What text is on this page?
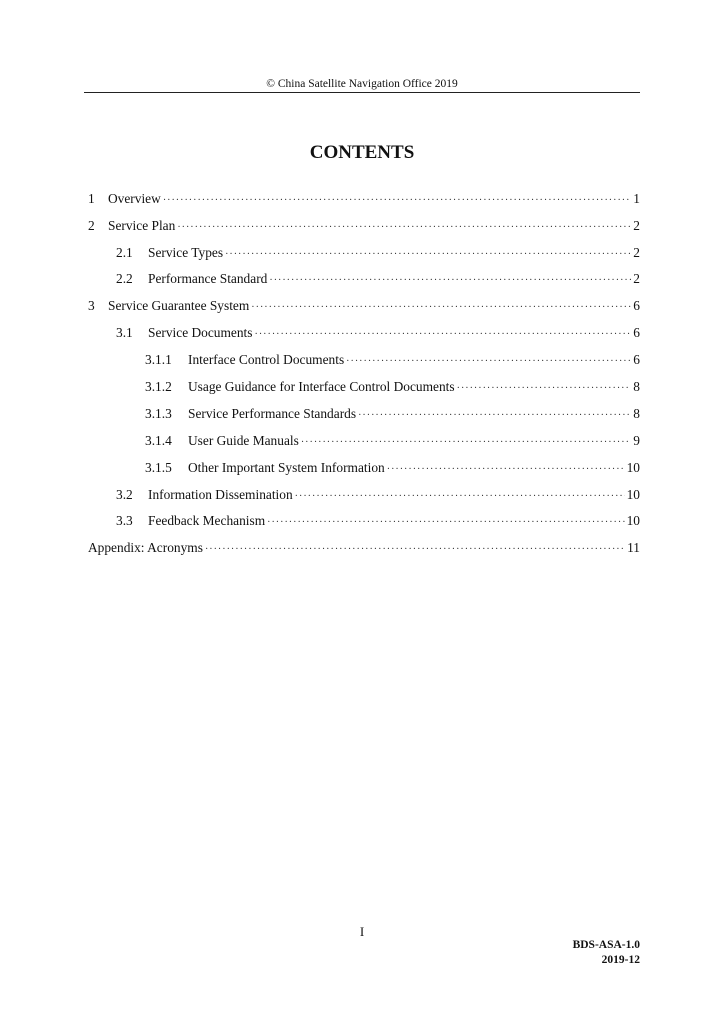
© China Satellite Navigation Office 2019
CONTENTS
1 Overview ·····	1
2 Service Plan ·····	2
2.1	Service Types ·····	2
2.2	Performance Standard ·····	2
3 Service Guarantee System ·····	6
3.1	Service Documents ·····	6
3.1.1	Interface Control Documents ·····	6
3.1.2	Usage Guidance for Interface Control Documents ·····	8
3.1.3	Service Performance Standards ·····	8
3.1.4	User Guide Manuals ·····	9
3.1.5	Other Important System Information ·····	10
3.2	Information Dissemination ·····	10
3.3	Feedback Mechanism ·····	10
Appendix: Acronyms ·····	11
I
BDS-ASA-1.0
2019-12
